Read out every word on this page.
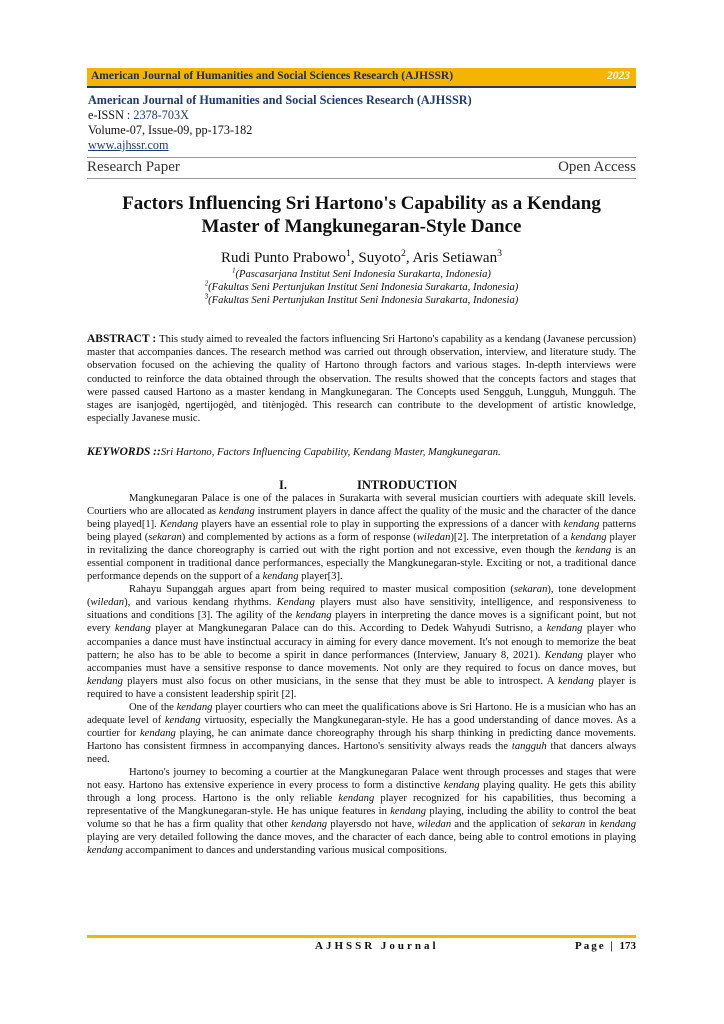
American Journal of Humanities and Social Sciences Research (AJHSSR)	2023
American Journal of Humanities and Social Sciences Research (AJHSSR)
e-ISSN : 2378-703X
Volume-07, Issue-09, pp-173-182
www.ajhssr.com
Research Paper	Open Access
Factors Influencing Sri Hartono's Capability as a Kendang
Master of Mangkunegaran-Style Dance
Rudi Punto Prabowo$^1$, Suyoto$^2$, Aris Setiawan$^3$
$^1$(Pascasarjana Institut Seni Indonesia Surakarta, Indonesia)
$^2$(Fakultas Seni Pertunjukan Institut Seni Indonesia Surakarta, Indonesia)
$^3$(Fakultas Seni Pertunjukan Institut Seni Indonesia Surakarta, Indonesia)
ABSTRACT : This study aimed to revealed the factors influencing Sri Hartono's capability as a kendang (Javanese percussion) master that accompanies dances. The research method was carried out through observation, interview, and literature study. The observation focused on the achieving the quality of Hartono through factors and various stages. In-depth interviews were conducted to reinforce the data obtained through the observation. The results showed that the concepts factors and stages that were passed caused Hartono as a master kendang in Mangkunegaran. The Concepts used Sengguh, Lungguh, Mungguh. The stages are isanjogèd, ngertijogèd, and titènjogèd. This research can contribute to the development of artistic knowledge, especially Javanese music.
KEYWORDS ::Sri Hartono, Factors Influencing Capability, Kendang Master, Mangkunegaran.
I.	INTRODUCTION

Mangkunegaran Palace is one of the palaces in Surakarta with several musician courtiers with adequate skill levels. Courtiers who are allocated as kendang instrument players in dance affect the quality of the music and the character of the dance being played[1]. Kendang players have an essential role to play in supporting the expressions of a dancer with kendang patterns being played (sekaran) and complemented by actions as a form of response (wiledan)[2]. The interpretation of a kendang player in revitalizing the dance choreography is carried out with the right portion and not excessive, even though the kendang is an essential component in traditional dance performances, especially the Mangkunegaran-style. Exciting or not, a traditional dance performance depends on the support of a kendang player[3].

Rahayu Supanggah argues apart from being required to master musical composition (sekaran), tone development (wiledan), and various kendang rhythms. Kendang players must also have sensitivity, intelligence, and responsiveness to situations and conditions [3]. The agility of the kendang players in interpreting the dance moves is a significant point, but not every kendang player at Mangkunegaran Palace can do this. According to Dedek Wahyudi Sutrisno, a kendang player who accompanies a dance must have instinctual accuracy in aiming for every dance movement. It's not enough to memorize the beat pattern; he also has to be able to become a spirit in dance performances (Interview, January 8, 2021). Kendang player who accompanies must have a sensitive response to dance movements. Not only are they required to focus on dance moves, but kendang players must also focus on other musicians, in the sense that they must be able to introspect. A kendang player is required to have a consistent leadership spirit [2].

One of the kendang player courtiers who can meet the qualifications above is Sri Hartono. He is a musician who has an adequate level of kendang virtuosity, especially the Mangkunegaran-style. He has a good understanding of dance moves. As a courtier for kendang playing, he can animate dance choreography through his sharp thinking in predicting dance movements. Hartono has consistent firmness in accompanying dances. Hartono's sensitivity always reads the tangguh that dancers always need.

Hartono's journey to becoming a courtier at the Mangkunegaran Palace went through processes and stages that were not easy. Hartono has extensive experience in every process to form a distinctive kendang playing quality. He gets this ability through a long process. Hartono is the only reliable kendang player recognized for his capabilities, thus becoming a representative of the Mangkunegaran-style. He has unique features in kendang playing, including the ability to control the beat volume so that he has a firm quality that other kendang playersdo not have, wiledan and the application of sekaran in kendang playing are very detailed following the dance moves, and the character of each dance, being able to control emotions in playing kendang accompaniment to dances and understanding various musical compositions.

AJHSSR Journal	Page | 173
